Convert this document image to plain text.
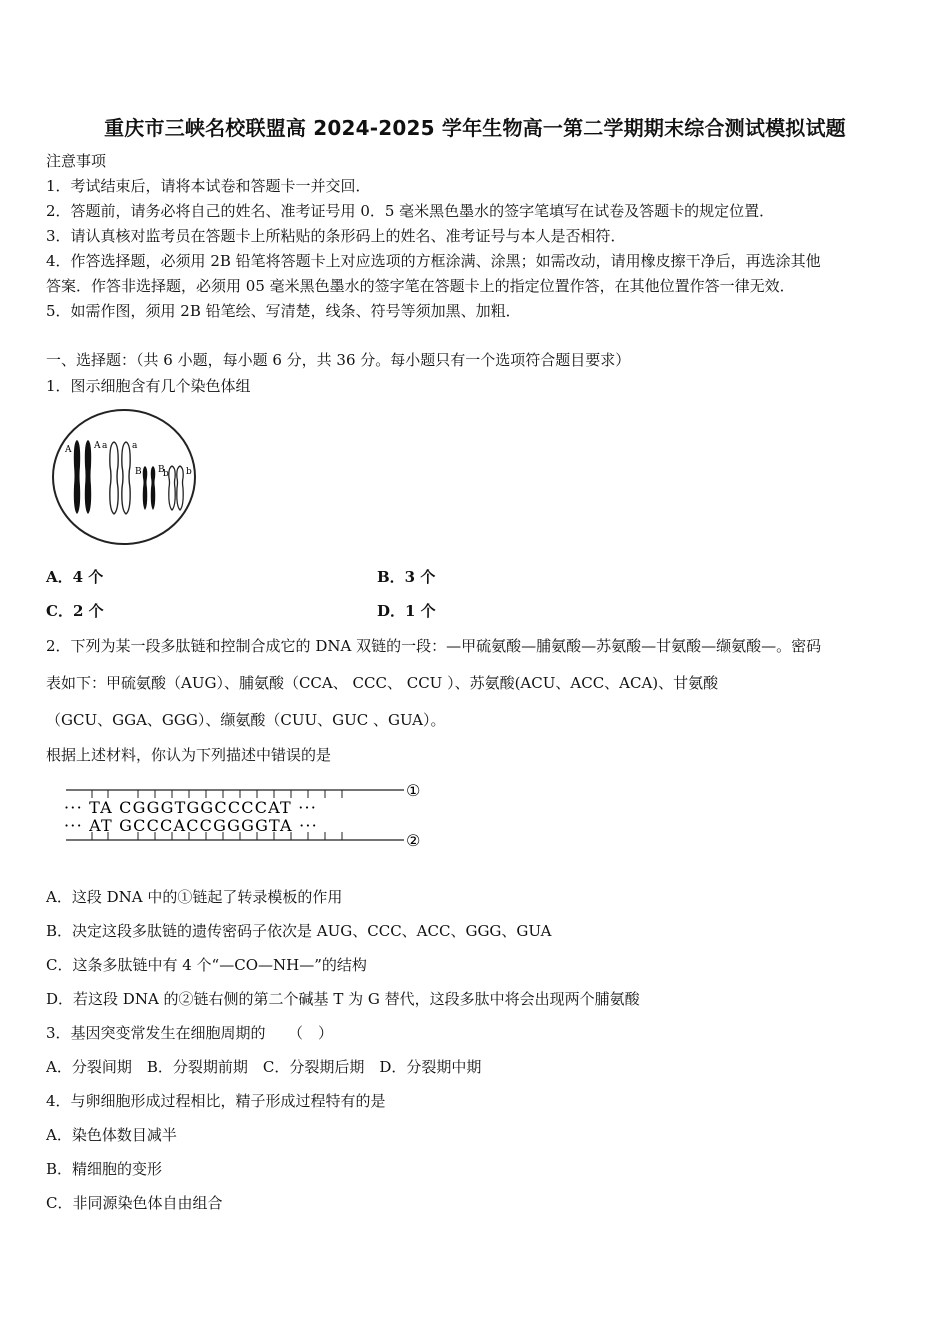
重庆市三峡名校联盟高 2024-2025 学年生物高一第二学期期末综合测试模拟试题
注意事项
1．考试结束后，请将本试卷和答题卡一并交回．
2．答题前，请务必将自己的姓名、准考证号用 0．5 毫米黑色墨水的签字笔填写在试卷及答题卡的规定位置．
3．请认真核对监考员在答题卡上所粘贴的条形码上的姓名、准考证号与本人是否相符．
4．作答选择题，必须用 2B 铅笔将答题卡上对应选项的方框涂满、涂黑；如需改动，请用橡皮擦干净后，再选涂其他
答案．作答非选择题，必须用 05 毫米黑色墨水的签字笔在答题卡上的指定位置作答，在其他位置作答一律无效．
5．如需作图，须用 2B 铅笔绘、写清楚，线条、符号等须加黑、加粗．
一、选择题：（共 6 小题，每小题 6 分，共 36 分。每小题只有一个选项符合题目要求）
1．图示细胞含有几个染色体组
A	A	a
a
B B
b b
A．4 个	B．3 个
C．2 个	D．1 个
2．下列为某一段多肽链和控制合成它的 DNA 双链的一段：—甲硫氨酸—脯氨酸—苏氨酸—甘氨酸—缬氨酸—。密码
表如下：甲硫氨酸（AUG）、脯氨酸（CCA、 CCC、 CCU ）、苏氨酸(ACU、ACC、ACA)、甘氨酸
（GCU、GGA、GGG）、缬氨酸（CUU、GUC 、GUA）。
根据上述材料，你认为下列描述中错误的是
··· TA CGGGTGGCCCCAT ···
··· AT GCCCACCGGGGTA ···
①
②
A．这段 DNA 中的①链起了转录模板的作用
B．决定这段多肽链的遗传密码子依次是 AUG、CCC、ACC、GGG、GUA
C．这条多肽链中有 4 个“—CO—NH—”的结构
D．若这段 DNA 的②链右侧的第二个碱基 T 为 G 替代，这段多肽中将会出现两个脯氨酸
3．基因突变常发生在细胞周期的　　（　）
A．分裂间期　B．分裂期前期　C．分裂期后期　D．分裂期中期
4．与卵细胞形成过程相比，精子形成过程特有的是
A．染色体数目减半
B．精细胞的变形
C．非同源染色体自由组合
